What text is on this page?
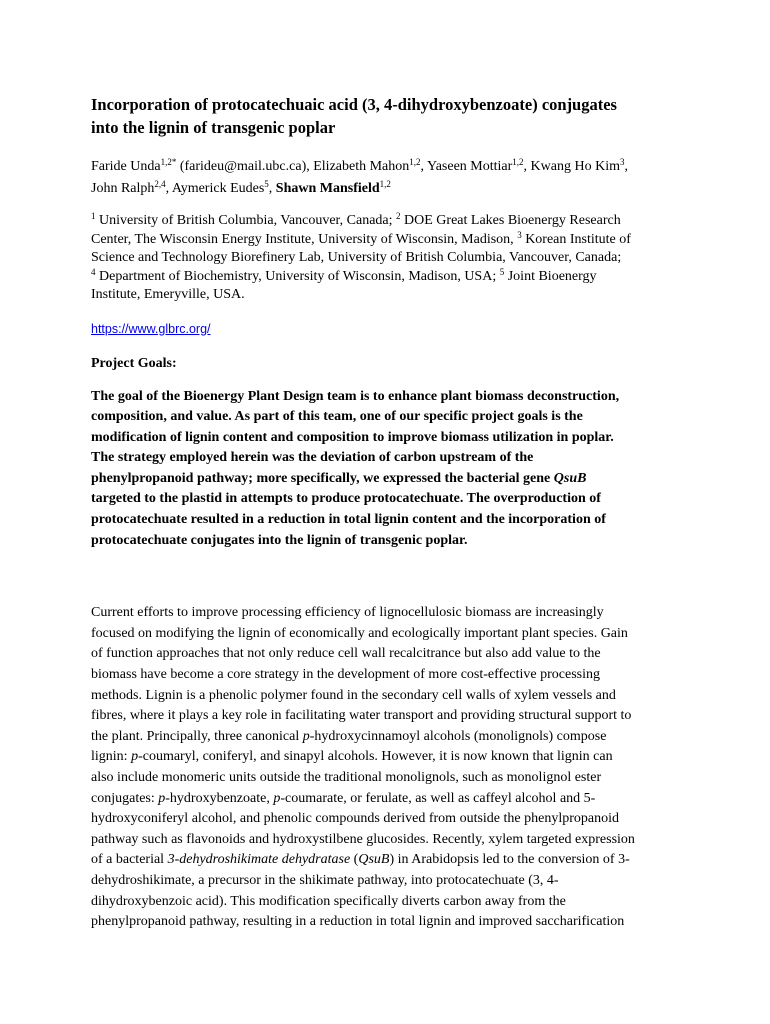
Incorporation of protocatechuaic acid (3, 4-dihydroxybenzoate) conjugates
into the lignin of transgenic poplar
Faride Unda$^{1,2*}$ (farideu@mail.ubc.ca), Elizabeth Mahon$^{1,2}$, Yaseen Mottiar$^{1,2}$, Kwang Ho Kim$^3$,
John Ralph$^{2,4}$, Aymerick Eudes$^5$, Shawn Mansfield$^{1,2}$
$^1$ University of British Columbia, Vancouver, Canada; $^2$ DOE Great Lakes Bioenergy Research
Center, The Wisconsin Energy Institute, University of Wisconsin, Madison, $^3$ Korean Institute of
Science and Technology Biorefinery Lab, University of British Columbia, Vancouver, Canada;
$^4$ Department of Biochemistry, University of Wisconsin, Madison, USA; $^5$ Joint Bioenergy
Institute, Emeryville, USA.
https://www.glbrc.org/
Project Goals:
The goal of the Bioenergy Plant Design team is to enhance plant biomass deconstruction,
composition, and value. As part of this team, one of our specific project goals is the
modification of lignin content and composition to improve biomass utilization in poplar.
The strategy employed herein was the deviation of carbon upstream of the
phenylpropanoid pathway; more specifically, we expressed the bacterial gene QsuB
targeted to the plastid in attempts to produce protocatechuate. The overproduction of
protocatechuate resulted in a reduction in total lignin content and the incorporation of
protocatechuate conjugates into the lignin of transgenic poplar.
Current efforts to improve processing efficiency of lignocellulosic biomass are increasingly
focused on modifying the lignin of economically and ecologically important plant species. Gain
of function approaches that not only reduce cell wall recalcitrance but also add value to the
biomass have become a core strategy in the development of more cost-effective processing
methods. Lignin is a phenolic polymer found in the secondary cell walls of xylem vessels and
fibres, where it plays a key role in facilitating water transport and providing structural support to
the plant. Principally, three canonical p-hydroxycinnamoyl alcohols (monolignols) compose
lignin: p-coumaryl, coniferyl, and sinapyl alcohols. However, it is now known that lignin can
also include monomeric units outside the traditional monolignols, such as monolignol ester
conjugates: p-hydroxybenzoate, p-coumarate, or ferulate, as well as caffeyl alcohol and 5-
hydroxyconiferyl alcohol, and phenolic compounds derived from outside the phenylpropanoid
pathway such as flavonoids and hydroxystilbene glucosides. Recently, xylem targeted expression
of a bacterial 3-dehydroshikimate dehydratase (QsuB) in Arabidopsis led to the conversion of 3-
dehydroshikimate, a precursor in the shikimate pathway, into protocatechuate (3, 4-
dihydroxybenzoic acid). This modification specifically diverts carbon away from the
phenylpropanoid pathway, resulting in a reduction in total lignin and improved saccharification
